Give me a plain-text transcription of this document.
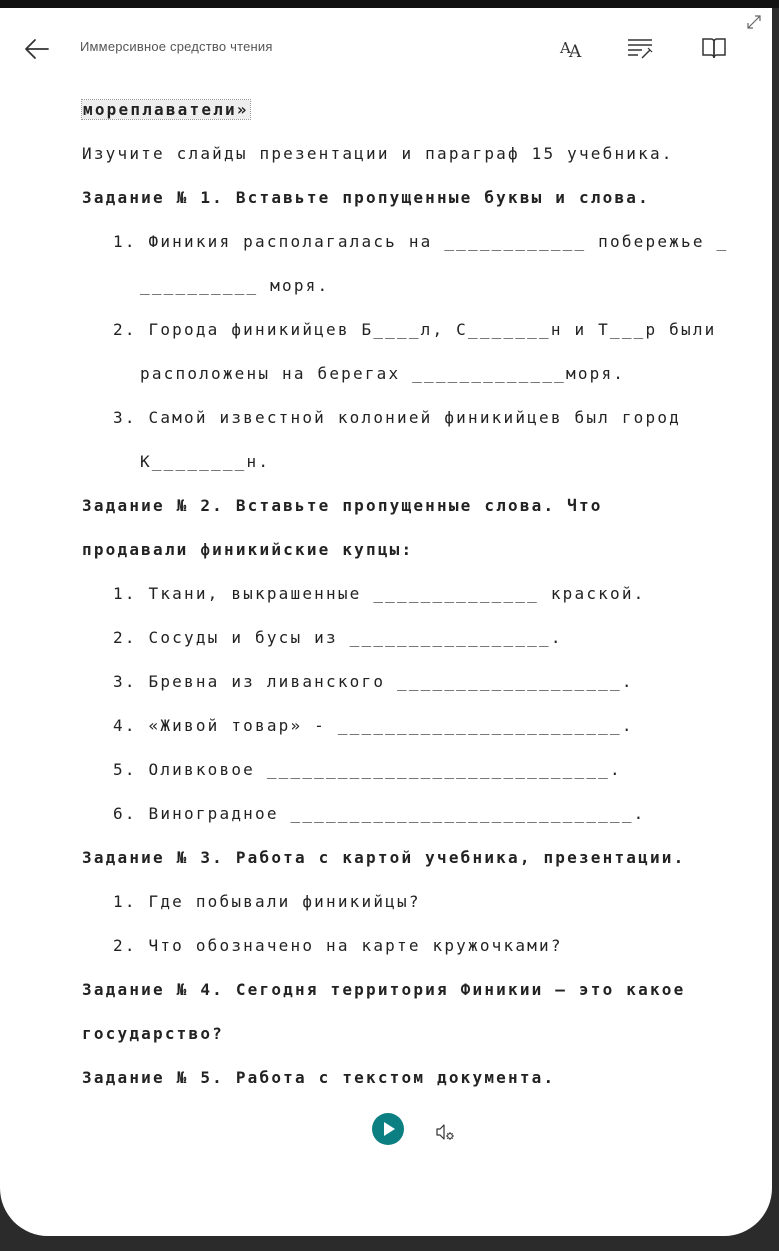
Иммерсивное средство чтения	A
A
мореплаватели»
Изучите слайды презентации и параграф 15 учебника.
Задание № 1. Вставьте пропущенные буквы и слова.
1. Финикия располагалась на ____________ побережье _
__________ моря.
2. Города финикийцев Б____л, С_______н и Т___р были
расположены на берегах _____________моря.
3. Самой известной колонией финикийцев был город
К________н.
Задание № 2. Вставьте пропущенные слова. Что
продавали финикийские купцы:
1. Ткани, выкрашенные ______________ краской.
2. Сосуды и бусы из _________________.
3. Бревна из ливанского ___________________.
4. «Живой товар» - ________________________.
5. Оливковое _____________________________.
6. Виноградное _____________________________.
Задание № 3. Работа с картой учебника, презентации.
1. Где побывали финикийцы?
2. Что обозначено на карте кружочками?
Задание № 4. Сегодня территория Финикии – это какое
государство?
Задание № 5. Работа с текстом документа.
